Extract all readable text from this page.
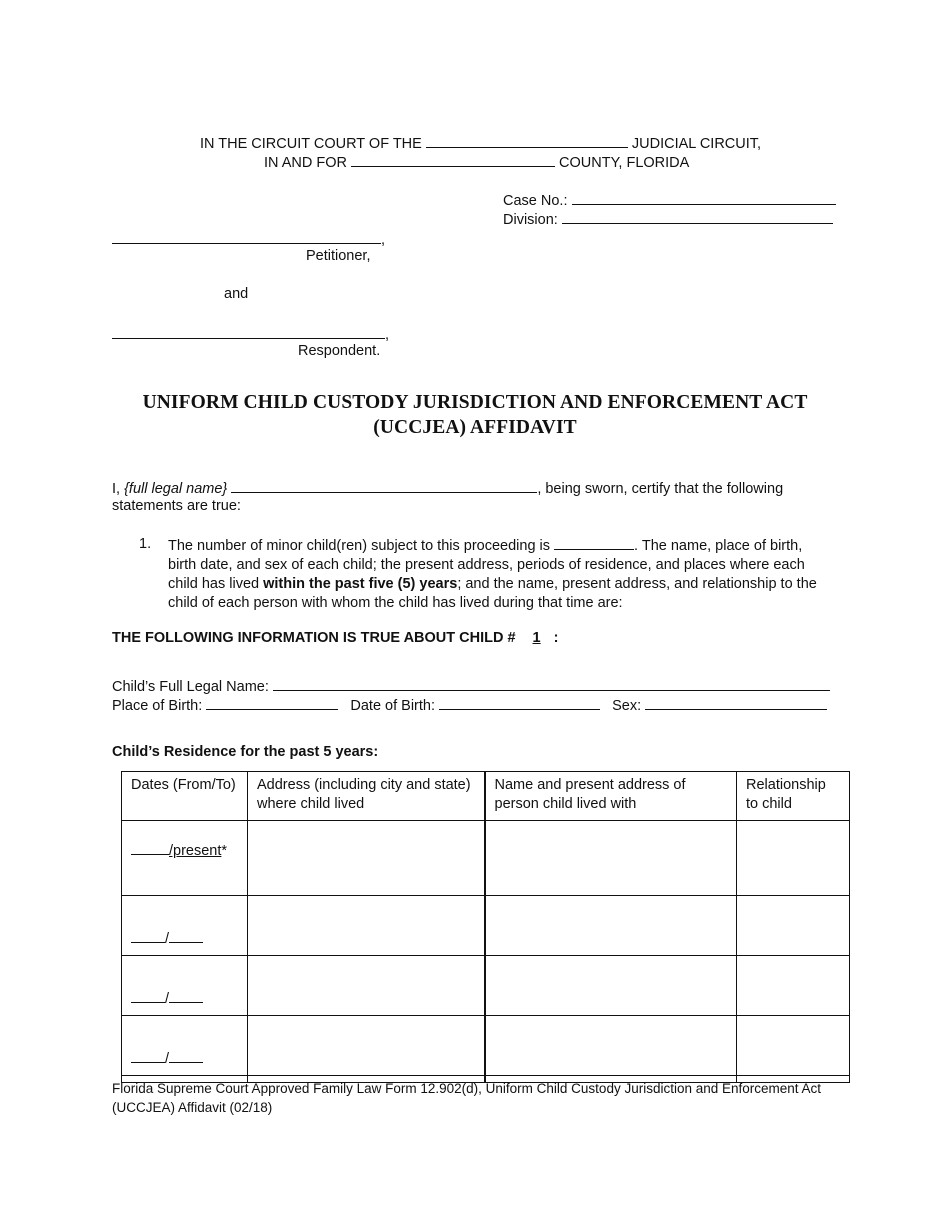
IN THE CIRCUIT COURT OF THE	JUDICIAL CIRCUIT,
IN AND FOR	COUNTY, FLORIDA
Case No.:
Division:
,
Petitioner,
and
,
Respondent.
UNIFORM CHILD CUSTODY JURISDICTION AND ENFORCEMENT ACT
(UCCJEA) AFFIDAVIT
I, {full legal name}	, being sworn, certify that the following
statements are true:
1. The number of minor child(ren) subject to this proceeding is	. The name, place of birth, birth date, and sex of each child; the present address, periods of residence, and places where each child has lived within the past five (5) years; and the name, present address, and relationship to the child of each person with whom the child has lived during that time are:
THE FOLLOWING INFORMATION IS TRUE ABOUT CHILD # 1 :
Child’s Full Legal Name:
Place of Birth:	Date of Birth:	Sex:
Child’s Residence for the past 5 years:
Dates (From/To)	Address (including city and state) where child lived	Name and present address of person child lived with	Relationship to child
/present*			
/			
/			
/			

Florida Supreme Court Approved Family Law Form 12.902(d), Uniform Child Custody Jurisdiction and Enforcement Act (UCCJEA) Affidavit (02/18)
